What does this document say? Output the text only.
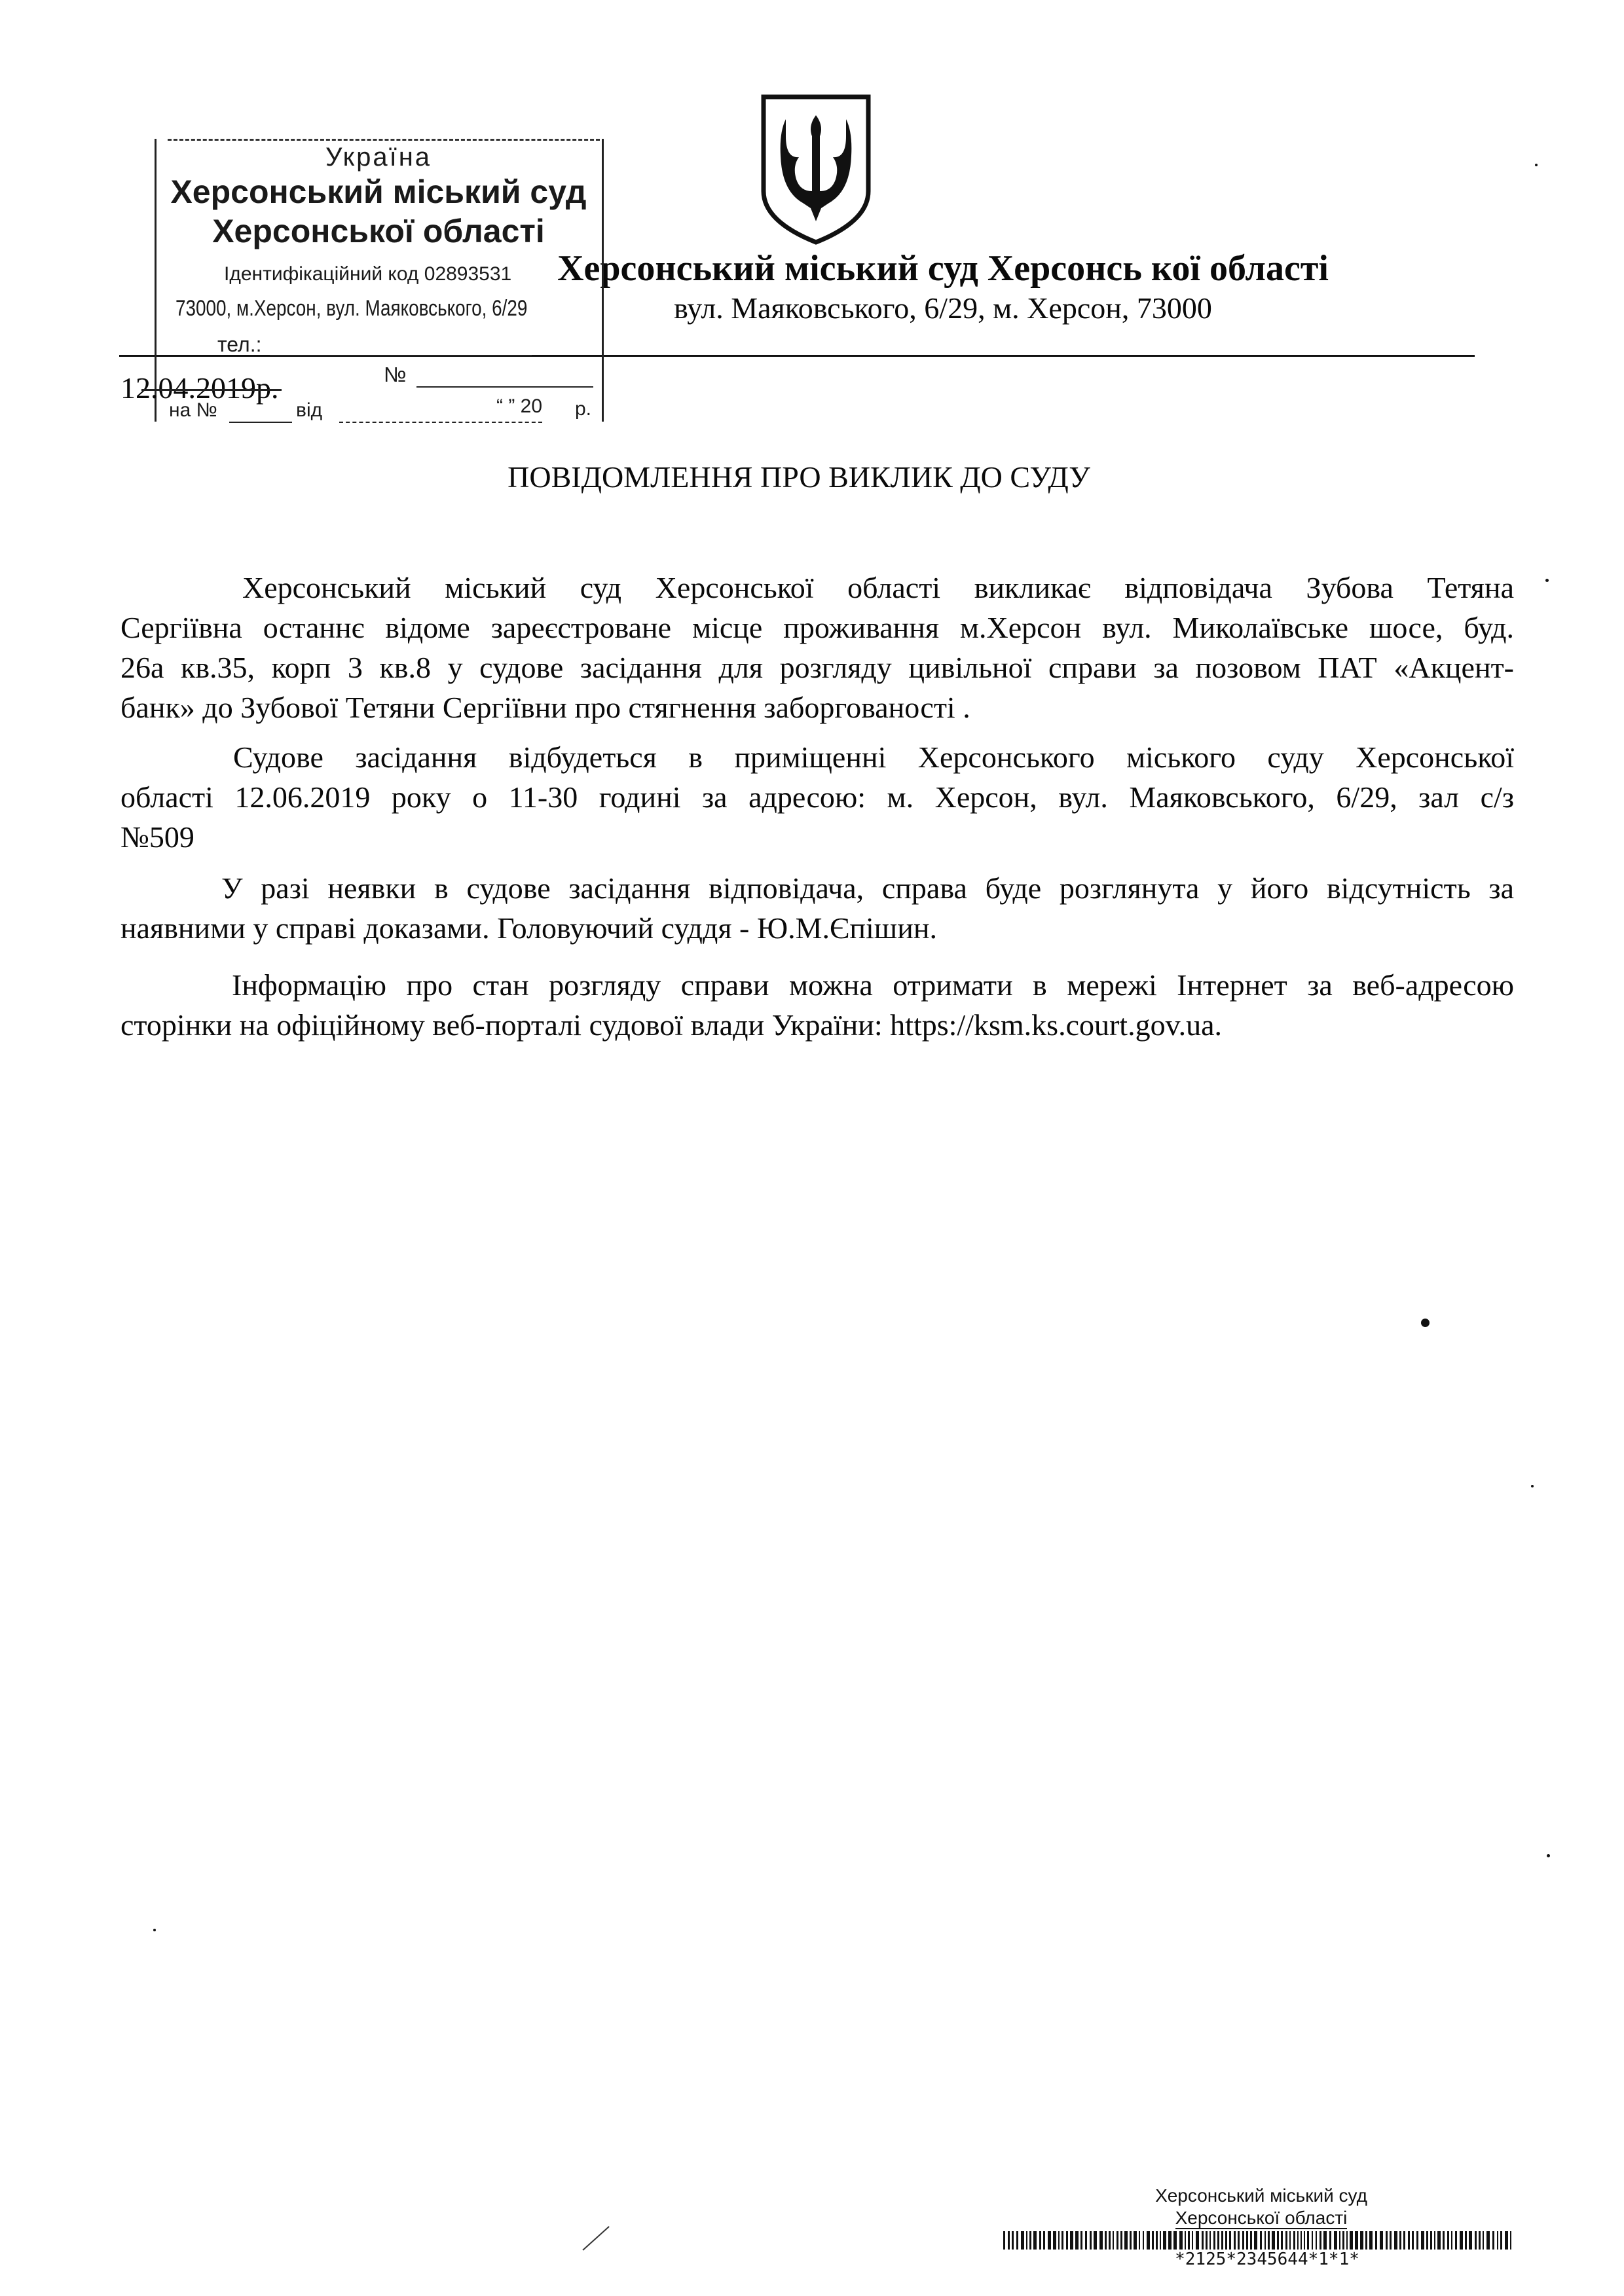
Херсонський міський суд Херсонсь кої області
вул. Маяковського, 6/29, м. Херсон, 73000
Україна
Херсонський міський суд
Херсонської області
Ідентифікаційний код 02893531
73000, м.Херсон, вул. Маяковського, 6/29
тел.:
№
на №	від	“ ” 20 р.
12.04.2019р.
ПОВІДОМЛЕННЯ ПРО ВИКЛИК ДО СУДУ
Херсонський міський суд Херсонської області викликає відповідача Зубова Тетяна
Сергіївна останнє відоме зареєстроване місце проживання м.Херсон вул. Миколаївське шосе, буд.
26а кв.35, корп 3 кв.8 у судове засідання для розгляду цивільної справи за позовом ПАТ «Акцент-
банк» до Зубової Тетяни Сергіївни про стягнення заборгованості .
Судове засідання відбудеться в приміщенні Херсонського міського суду Херсонської
області 12.06.2019 року о 11-30 годині за адресою: м. Херсон, вул. Маяковського, 6/29, зал с/з
№509
У разі неявки в судове засідання відповідача, справа буде розглянута у його відсутність за
наявними у справі доказами. Головуючий суддя - Ю.М.Єпішин.
Інформацію про стан розгляду справи можна отримати в мережі Інтернет за веб-адресою
сторінки на офіційному веб-порталі судової влади України: https://ksm.ks.court.gov.ua.
Херсонський міський суд
Херсонської області
*2125*2345644*1*1*
